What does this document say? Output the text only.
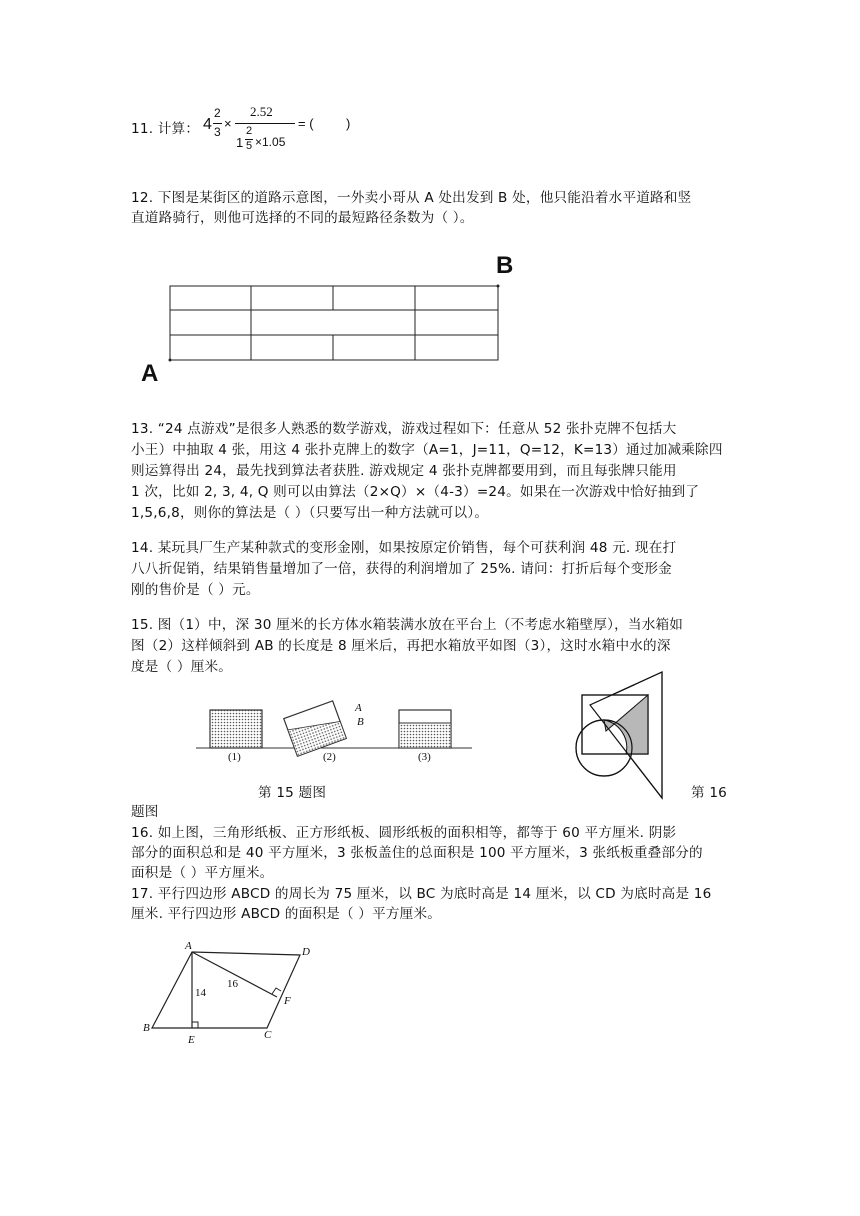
11. 计算： 4
2
3
×
2.52
1
2
5 ×1.05
= (         )
12. 下图是某街区的道路示意图，一外卖小哥从 A 处出发到 B 处，他只能沿着水平道路和竖
直道路骑行，则他可选择的不同的最短路径条数为（ ）。
B
A
13. “24 点游戏”是很多人熟悉的数学游戏，游戏过程如下：任意从 52 张扑克牌不包括大
小王）中抽取 4 张，用这 4 张扑克牌上的数字（A=1，J=11，Q=12，K=13）通过加减乘除四
则运算得出 24，最先找到算法者获胜. 游戏规定 4 张扑克牌都要用到，而且每张牌只能用
1 次，比如 2, 3, 4, Q 则可以由算法（2×Q）×（4-3）=24。如果在一次游戏中恰好抽到了
1,5,6,8，则你的算法是（ ）（只要写出一种方法就可以）。
14. 某玩具厂生产某种款式的变形金刚，如果按原定价销售，每个可获利润 48 元. 现在打
八八折促销，结果销售量增加了一倍，获得的利润增加了 25%. 请问：打折后每个变形金
刚的售价是（ ）元。
15. 图（1）中，深 30 厘米的长方体水箱装满水放在平台上（不考虑水箱壁厚），当水箱如
图（2）这样倾斜到 AB 的长度是 8 厘米后，再把水箱放平如图（3），这时水箱中水的深
度是（ ）厘米。
A
B
(1)	(2)	(3)
第 15 题图	第 16
题图
16. 如上图，三角形纸板、正方形纸板、圆形纸板的面积相等，都等于 60 平方厘米. 阴影
部分的面积总和是 40 平方厘米，3 张板盖住的总面积是 100 平方厘米，3 张纸板重叠部分的
面积是（ ）平方厘米。
17. 平行四边形 ABCD 的周长为 75 厘米，以 BC 为底时高是 14 厘米，以 CD 为底时高是 16
厘米. 平行四边形 ABCD 的面积是（ ）平方厘米。
A	D
F
B
C
E
14
16
